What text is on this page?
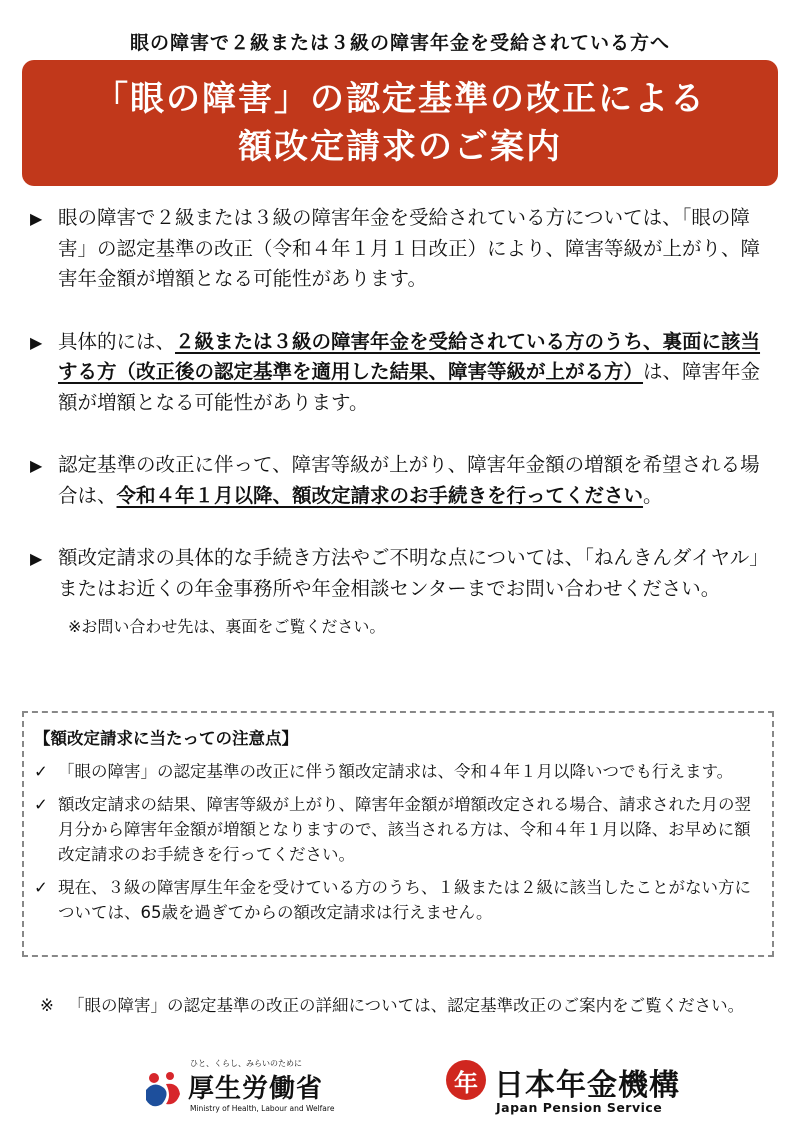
眼の障害で２級または３級の障害年金を受給されている方へ
「眼の障害」の認定基準の改正による
額改定請求のご案内
▶ 眼の障害で２級または３級の障害年金を受給されている方については、「眼の障害」の認定基準の改正（令和４年１月１日改正）により、障害等級が上がり、障害年金額が増額となる可能性があります。
▶ 具体的には、２級または３級の障害年金を受給されている方のうち、裏面に該当する方（改正後の認定基準を適用した結果、障害等級が上がる方）は、障害年金額が増額となる可能性があります。
▶ 認定基準の改正に伴って、障害等級が上がり、障害年金額の増額を希望される場合は、令和４年１月以降、額改定請求のお手続きを行ってください。
▶ 額改定請求の具体的な手続き方法やご不明な点については、「ねんきんダイヤル」またはお近くの年金事務所や年金相談センターまでお問い合わせください。
※お問い合わせ先は、裏面をご覧ください。
【額改定請求に当たっての注意点】
✓ 「眼の障害」の認定基準の改正に伴う額改定請求は、令和４年１月以降いつでも行えます。
✓ 額改定請求の結果、障害等級が上がり、障害年金額が増額改定される場合、請求された月の翌月分から障害年金額が増額となりますので、該当される方は、令和４年１月以降、お早めに額改定請求のお手続きを行ってください。
✓ 現在、３級の障害厚生年金を受けている方のうち、１級または２級に該当したことがない方については、65歳を過ぎてからの額改定請求は行えません。
※ 「眼の障害」の認定基準の改正の詳細については、認定基準改正のご案内をご覧ください。
ひと、くらし、みらいのために
厚生労働省
Ministry of Health, Labour and Welfare
年 日本年金機構
Japan Pension Service
